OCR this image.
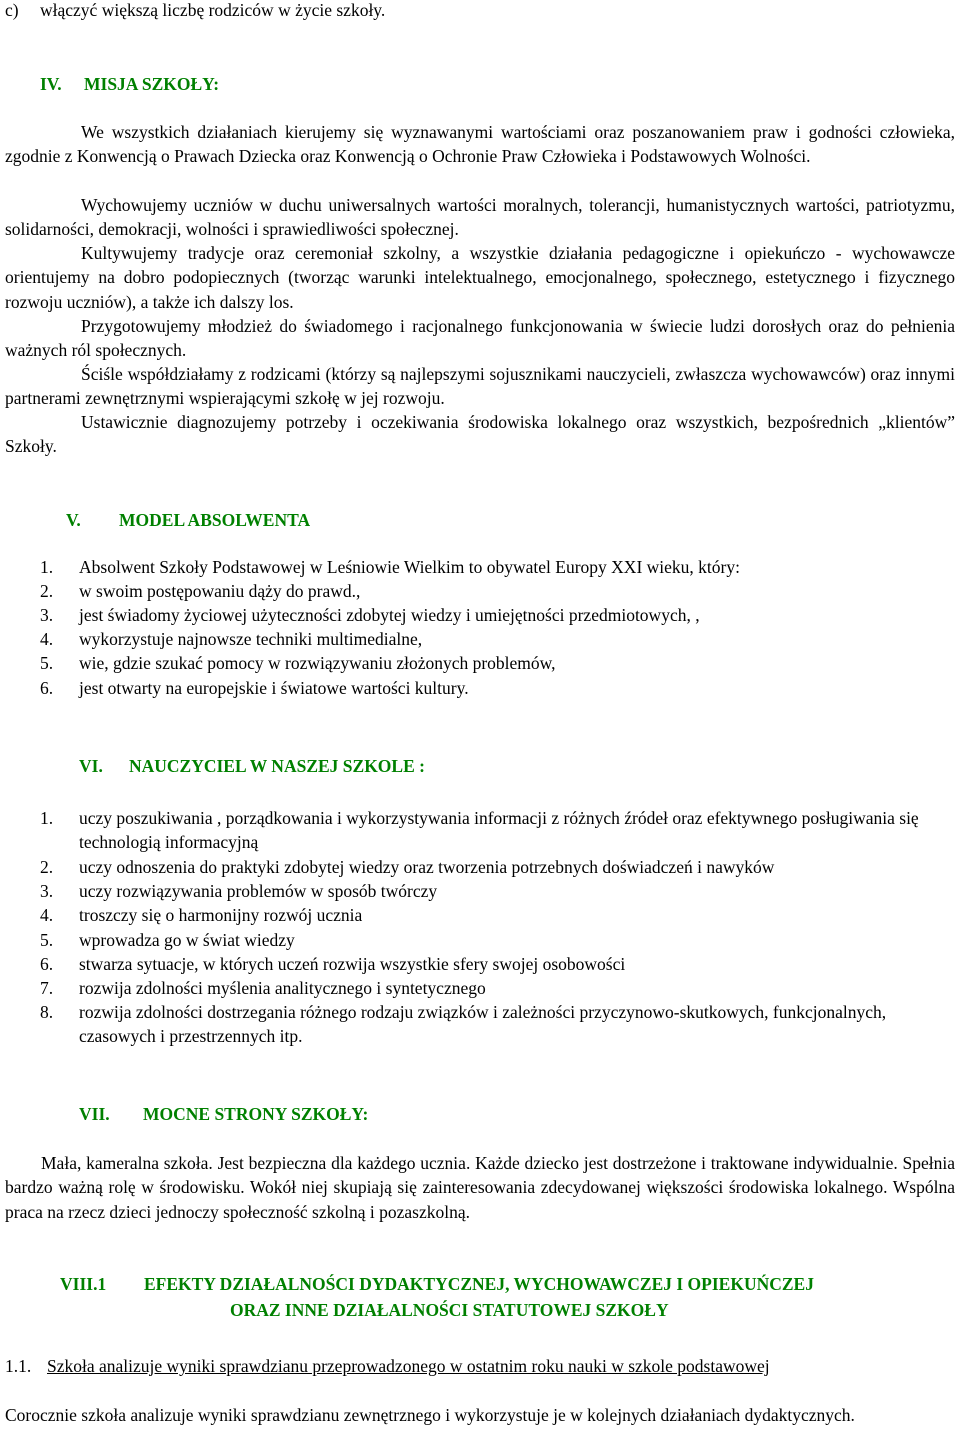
c) włączyć większą liczbę rodziców w życie szkoły.
IV. MISJA SZKOŁY:

We wszystkich działaniach kierujemy się wyznawanymi wartościami oraz poszanowaniem praw i godności człowieka, zgodnie z Konwencją o Prawach Dziecka oraz Konwencją o Ochronie Praw Człowieka i Podstawowych Wolności.

Wychowujemy uczniów w duchu uniwersalnych wartości moralnych, tolerancji, humanistycznych wartości, patriotyzmu, solidarności, demokracji, wolności i sprawiedliwości społecznej.

Kultywujemy tradycje oraz ceremoniał szkolny, a wszystkie działania pedagogiczne i opiekuńczo - wychowawcze orientujemy na dobro podopiecznych (tworząc warunki intelektualnego, emocjonalnego, społecznego, estetycznego i fizycznego rozwoju uczniów), a także ich dalszy los.

Przygotowujemy młodzież do świadomego i racjonalnego funkcjonowania w świecie ludzi dorosłych oraz do pełnienia ważnych ról społecznych.

Ściśle współdziałamy z rodzicami (którzy są najlepszymi sojusznikami nauczycieli, zwłaszcza wychowawców) oraz innymi partnerami zewnętrznymi wspierającymi szkołę w jej rozwoju.

Ustawicznie diagnozujemy potrzeby i oczekiwania środowiska lokalnego oraz wszystkich, bezpośrednich „klientów” Szkoły.

V. MODEL ABSOLWENTA
1. Absolwent Szkoły Podstawowej w Leśniowie Wielkim to obywatel Europy XXI wieku, który:
2. w swoim postępowaniu dąży do prawd.,
3. jest świadomy życiowej użyteczności zdobytej wiedzy i umiejętności przedmiotowych, ,
4. wykorzystuje najnowsze techniki multimedialne,
5. wie, gdzie szukać pomocy w rozwiązywaniu złożonych problemów,
6. jest otwarty na europejskie i światowe wartości kultury.
VI. NAUCZYCIEL W NASZEJ SZKOLE :
1. uczy poszukiwania , porządkowania i wykorzystywania informacji z różnych źródeł oraz efektywnego posługiwania się technologią informacyjną
2. uczy odnoszenia do praktyki zdobytej wiedzy oraz tworzenia potrzebnych doświadczeń i nawyków
3. uczy rozwiązywania problemów w sposób twórczy
4. troszczy się o harmonijny rozwój ucznia
5. wprowadza go w świat wiedzy
6. stwarza sytuacje, w których uczeń rozwija wszystkie sfery swojej osobowości
7. rozwija zdolności myślenia analitycznego i syntetycznego
8. rozwija zdolności dostrzegania różnego rodzaju związków i zależności przyczynowo-skutkowych, funkcjonalnych, czasowych i przestrzennych itp.
VII. MOCNE STRONY SZKOŁY:

Mała, kameralna szkoła. Jest bezpieczna dla każdego ucznia. Każde dziecko jest dostrzeżone i traktowane indywidualnie. Spełnia bardzo ważną rolę w środowisku. Wokół niej skupiają się zainteresowania zdecydowanej większości środowiska lokalnego. Wspólna praca na rzecz dzieci jednoczy społeczność szkolną i pozaszkolną.

VIII.1 EFEKTY DZIAŁALNOŚCI DYDAKTYCZNEJ, WYCHOWAWCZEJ I OPIEKUŃCZEJ
ORAZ INNE DZIAŁALNOŚCI STATUTOWEJ SZKOŁY
1.1. Szkoła analizuje wyniki sprawdzianu przeprowadzonego w ostatnim roku nauki w szkole podstawowej

Corocznie szkoła analizuje wyniki sprawdzianu zewnętrznego i wykorzystuje je w kolejnych działaniach dydaktycznych.
